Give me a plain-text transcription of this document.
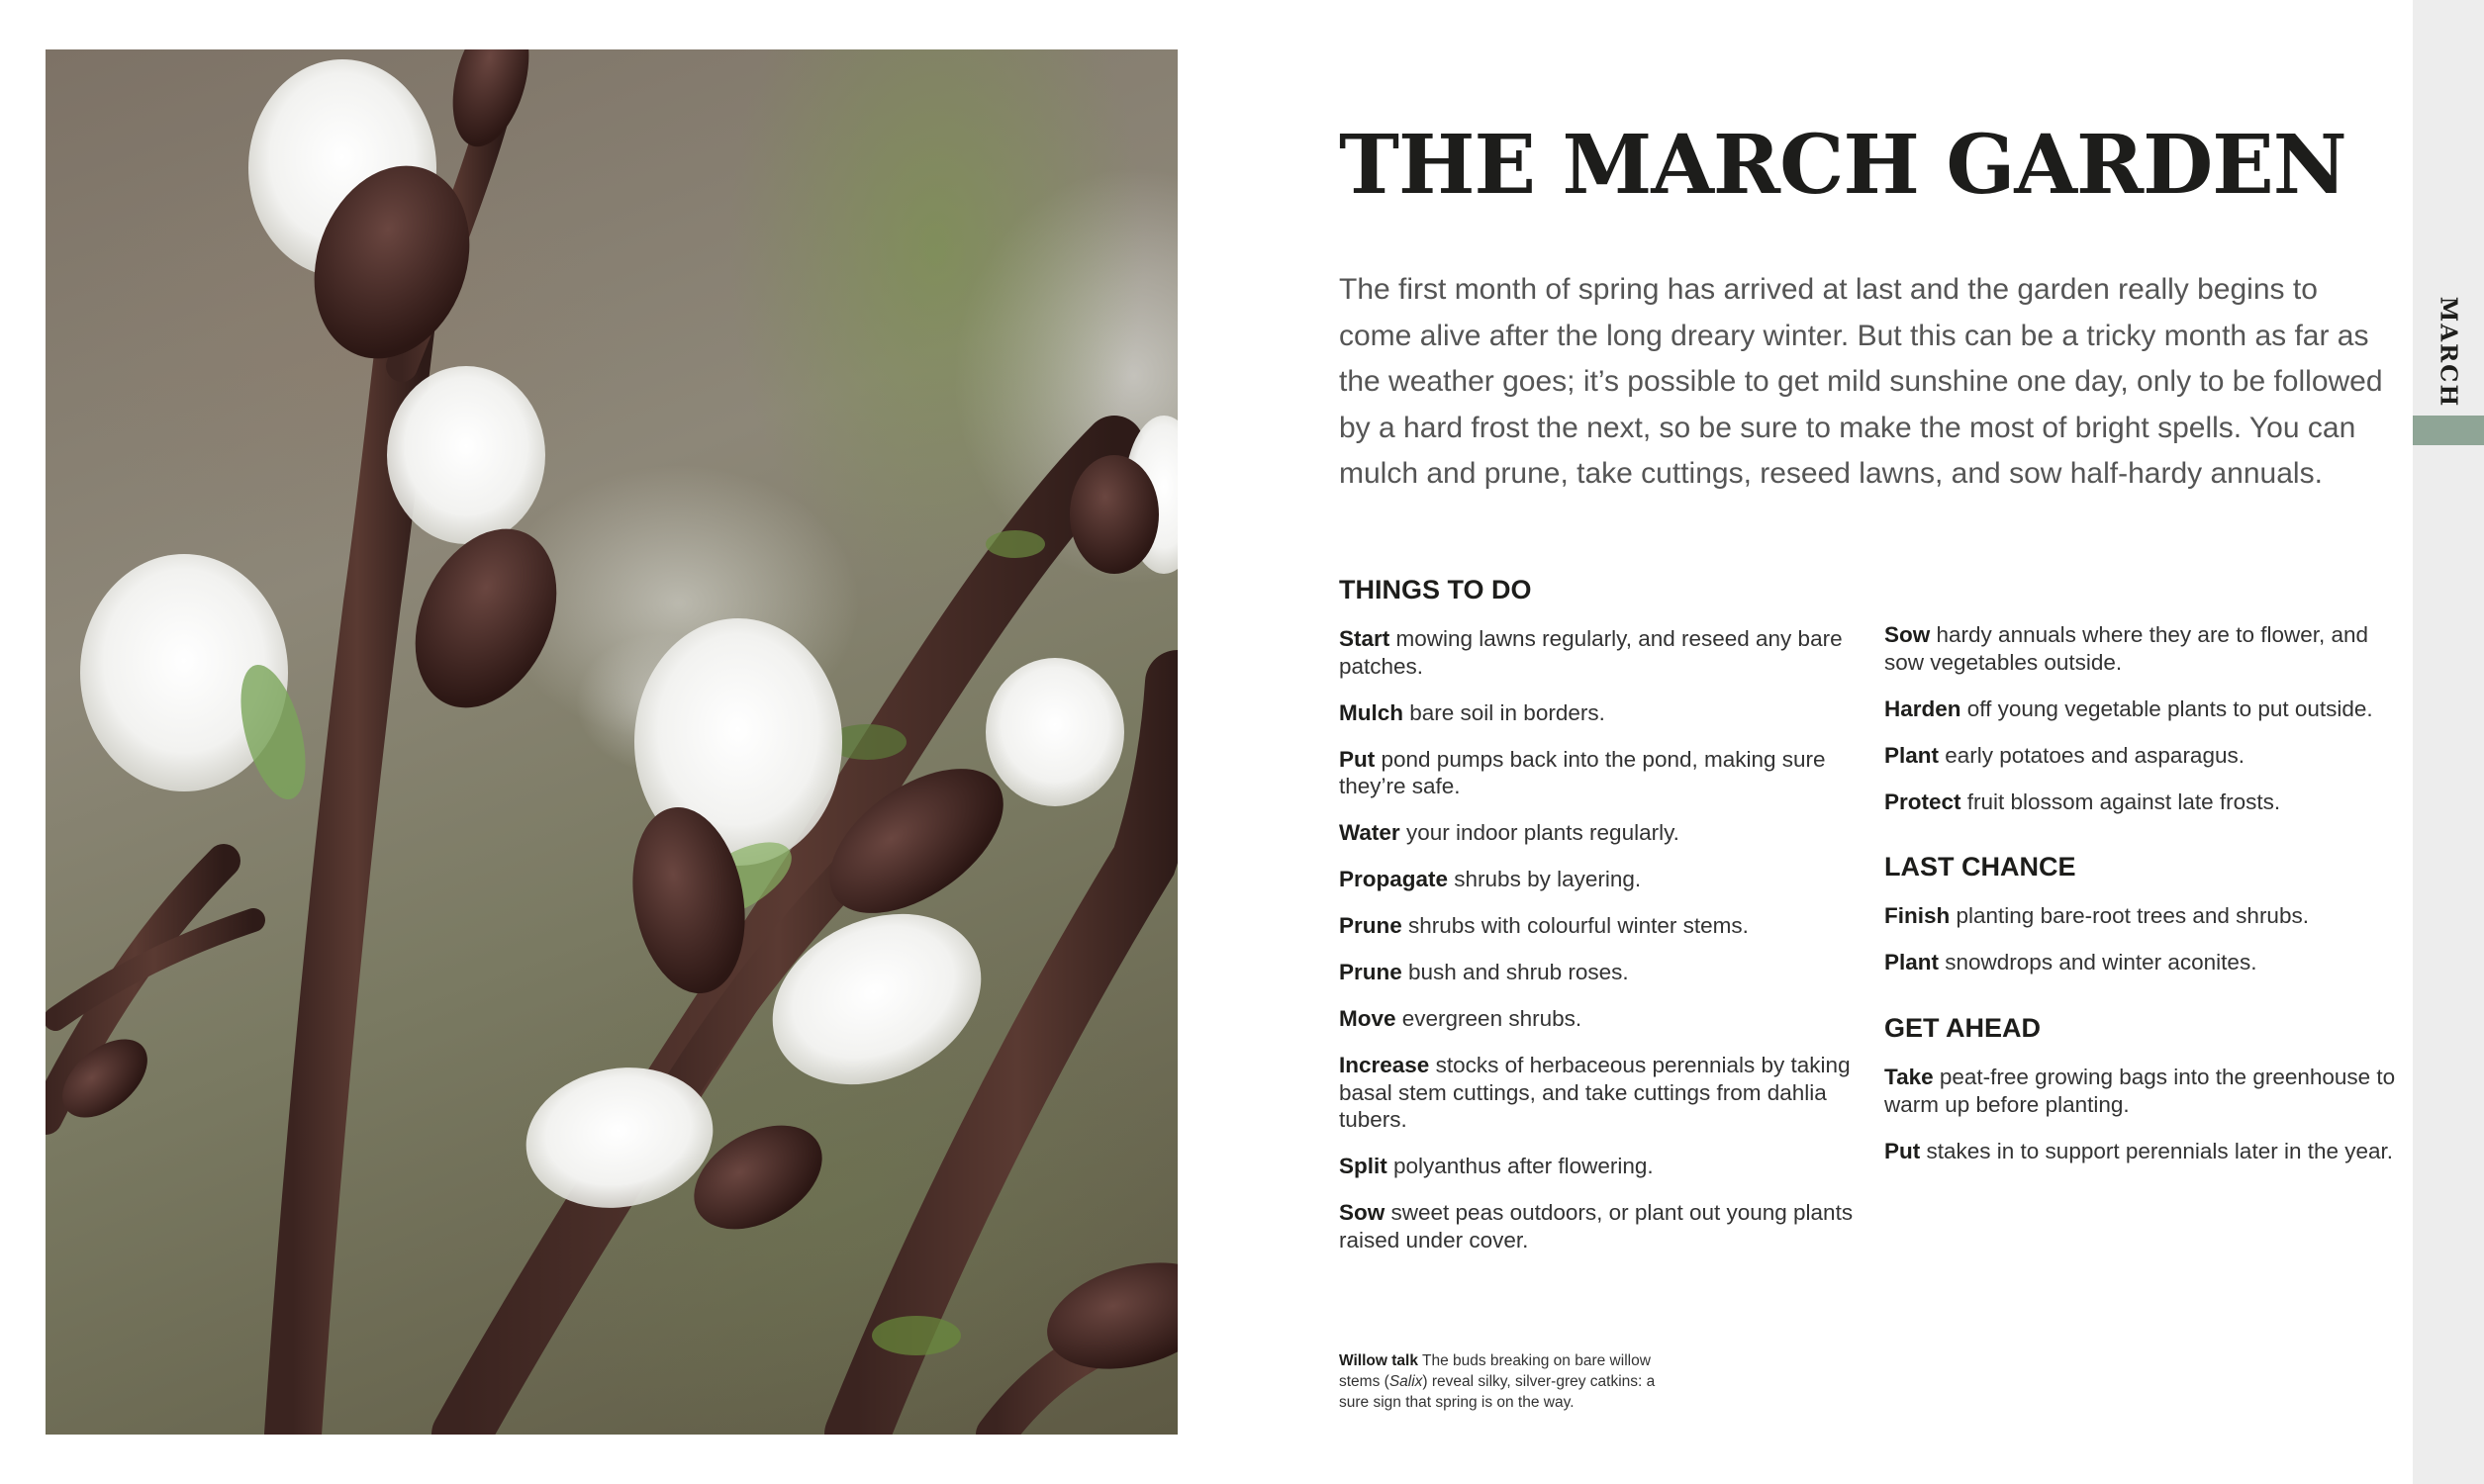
MARCH
THE MARCH GARDEN

The first month of spring has arrived at last and the garden really begins to come alive after the long dreary winter. But this can be a tricky month as far as the weather goes; it’s possible to get mild sunshine one day, only to be followed by a hard frost the next, so be sure to make the most of bright spells. You can mulch and prune, take cuttings, reseed lawns, and sow half-hardy annuals.

THINGS TO DO

Start mowing lawns regularly, and reseed any bare patches.

Mulch bare soil in borders.

Put pond pumps back into the pond, making sure they’re safe.

Water your indoor plants regularly.

Propagate shrubs by layering.

Prune shrubs with colourful winter stems.

Prune bush and shrub roses.

Move evergreen shrubs.

Increase stocks of herbaceous perennials by taking basal stem cuttings, and take cuttings from dahlia tubers.

Split polyanthus after flowering.

Sow sweet peas outdoors, or plant out young plants raised under cover.

Sow hardy annuals where they are to flower, and sow vegetables outside.

Harden off young vegetable plants to put outside.

Plant early potatoes and asparagus.

Protect fruit blossom against late frosts.

LAST CHANCE

Finish planting bare-root trees and shrubs.

Plant snowdrops and winter aconites.

GET AHEAD

Take peat-free growing bags into the greenhouse to warm up before planting.

Put stakes in to support perennials later in the year.

Willow talk The buds breaking on bare willow stems (Salix) reveal silky, silver-grey catkins: a sure sign that spring is on the way.
